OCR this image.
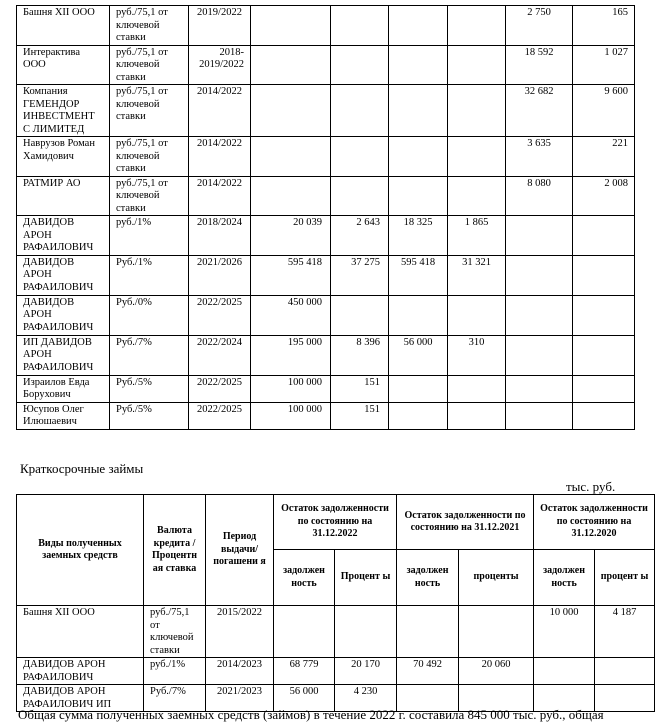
Башня XII ООО	руб./75,1 от ключевой ставки	2019/2022					2 750	165
Интерактива ООО	руб./75,1 от ключевой ставки	2018-2019/2022					18 592	1 027
Компания ГЕМЕНДОР ИНВЕСТМЕНТ С ЛИМИТЕД	руб./75,1 от ключевой ставки	2014/2022					32 682	9 600
Наврузов Роман Хамидович	руб./75,1 от ключевой ставки	2014/2022					3 635	221
РАТМИР АО	руб./75,1 от ключевой ставки	2014/2022					8 080	2 008
ДАВИДОВ АРОН РАФАИЛОВИЧ	руб./1%	2018/2024	20 039	2 643	18 325	1 865		
ДАВИДОВ АРОН РАФАИЛОВИЧ	Руб./1%	2021/2026	595 418	37 275	595 418	31 321		
ДАВИДОВ АРОН РАФАИЛОВИЧ	Руб./0%	2022/2025	450 000					
ИП ДАВИДОВ АРОН РАФАИЛОВИЧ	Руб./7%	2022/2024	195 000	8 396	56 000	310		
Израилов Евда Борухович	Руб./5%	2022/2025	100 000	151				
Юсупов Олег Илюшаевич	Руб./5%	2022/2025	100 000	151				
Краткосрочные займы
тыс. руб.
Виды полученных заемных средств	Валюта кредита / Процентн ая ставка	Период выдачи/ погашени я	Остаток задолженности по состоянию на 31.12.2022		Остаток задолженности по состоянию на 31.12.2021		Остаток задолженности по состоянию на 31.12.2020	
			задолжен ность	Процент ы	задолжен ность	проценты	задолжен ность	процент ы
Башня XII ООО	руб./75,1 от ключевой ставки	2015/2022					10 000	4 187
ДАВИДОВ АРОН РАФАИЛОВИЧ	руб./1%	2014/2023	68 779	20 170	70 492	20 060		
ДАВИДОВ АРОН РАФАИЛОВИЧ ИП	Руб./7%	2021/2023	56 000	4 230				
Общая сумма полученных заемных средств (займов) в течение 2022 г. составила 845 000 тыс. руб., общая
